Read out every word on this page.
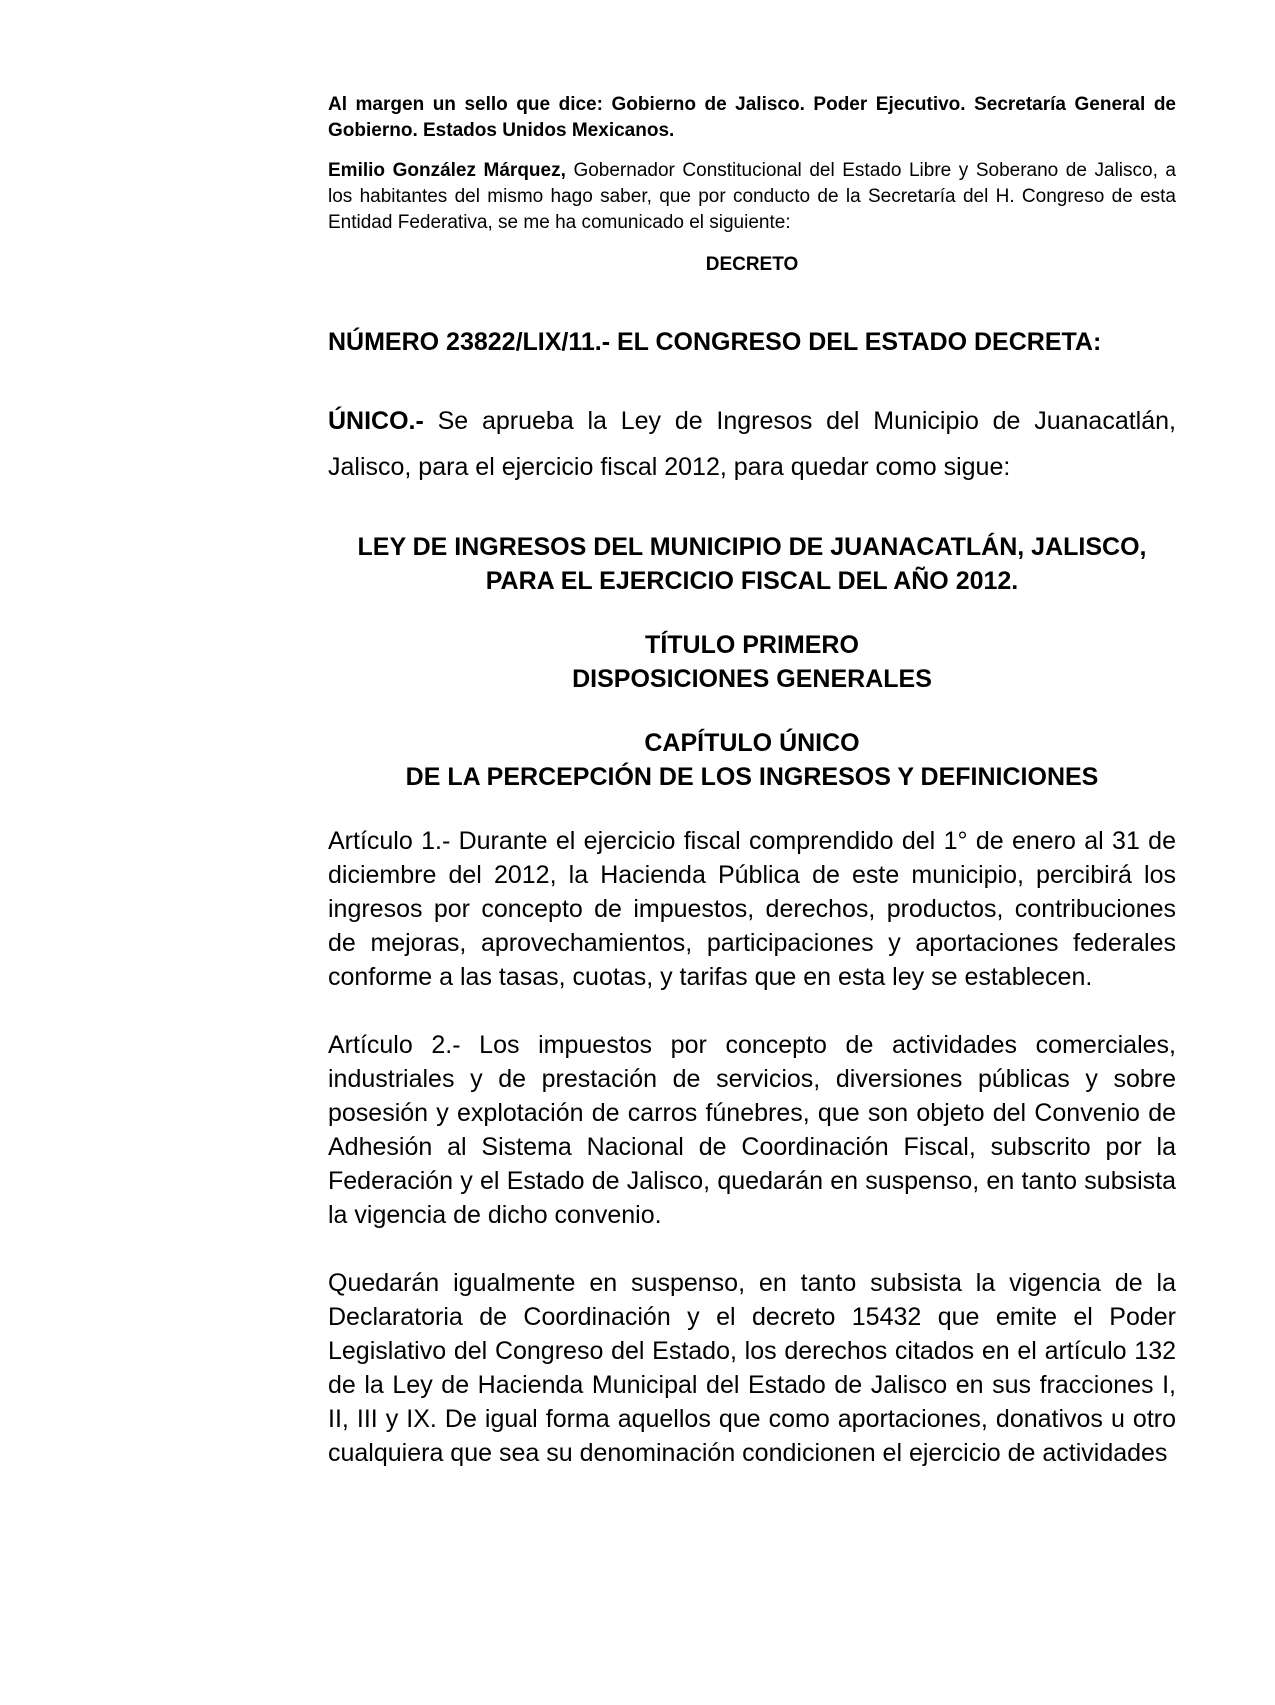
Al margen un sello que dice: Gobierno de Jalisco. Poder Ejecutivo. Secretaría General de Gobierno. Estados Unidos Mexicanos.

Emilio González Márquez, Gobernador Constitucional del Estado Libre y Soberano de Jalisco, a los habitantes del mismo hago saber, que por conducto de la Secretaría del H. Congreso de esta Entidad Federativa, se me ha comunicado el siguiente:

DECRETO

NÚMERO 23822/LIX/11.- EL CONGRESO DEL ESTADO DECRETA:

ÚNICO.- Se aprueba la Ley de Ingresos del Municipio de Juanacatlán, Jalisco, para el ejercicio fiscal 2012, para quedar como sigue:

LEY DE INGRESOS DEL MUNICIPIO DE JUANACATLÁN, JALISCO,
PARA EL EJERCICIO FISCAL DEL AÑO 2012.
TÍTULO PRIMERO
DISPOSICIONES GENERALES
CAPÍTULO ÚNICO
DE LA PERCEPCIÓN DE LOS INGRESOS Y DEFINICIONES

Artículo 1.- Durante el ejercicio fiscal comprendido del 1° de enero al 31 de diciembre del 2012, la Hacienda Pública de este municipio, percibirá los ingresos por concepto de impuestos, derechos, productos, contribuciones de mejoras, aprovechamientos, participaciones y aportaciones federales conforme a las tasas, cuotas, y tarifas que en esta ley se establecen.

Artículo 2.- Los impuestos por concepto de actividades comerciales, industriales y de prestación de servicios, diversiones públicas y sobre posesión y explotación de carros fúnebres, que son objeto del Convenio de Adhesión al Sistema Nacional de Coordinación Fiscal, subscrito por la Federación y el Estado de Jalisco, quedarán en suspenso, en tanto subsista la vigencia de dicho convenio.

Quedarán igualmente en suspenso, en tanto subsista la vigencia de la Declaratoria de Coordinación y el decreto 15432 que emite el Poder Legislativo del Congreso del Estado, los derechos citados en el artículo 132 de la Ley de Hacienda Municipal del Estado de Jalisco en sus fracciones I, II, III y IX. De igual forma aquellos que como aportaciones, donativos u otro cualquiera que sea su denominación condicionen el ejercicio de actividades
